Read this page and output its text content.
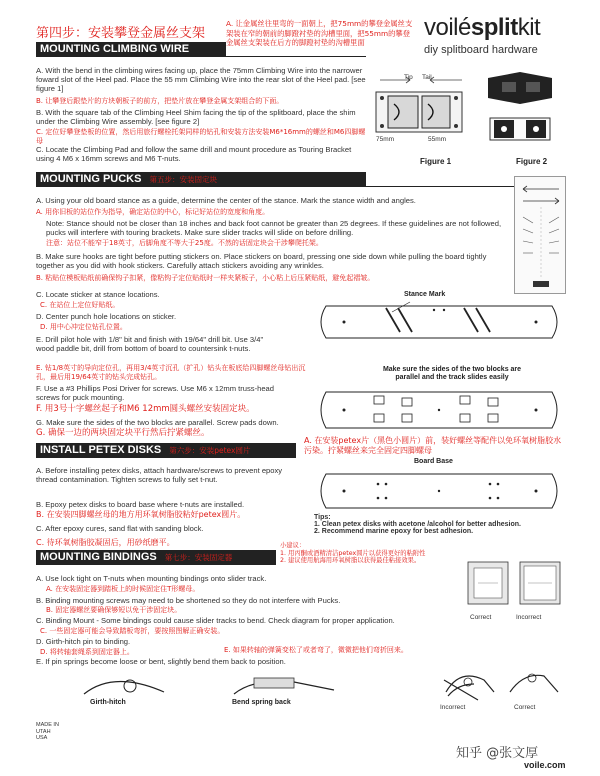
第四步：安装攀登金属丝支架
A. 让金属丝往里弯的一面朝上，把75mm的攀登金属丝支架装在窄的朝前的脚蹬衬垫的沟槽里面，把55mm的攀登金属丝支架装在后方的脚蹬衬垫的沟槽里面
voilésplitkit
diy splitboard hardware
MOUNTING CLIMBING WIRE
A. With the bend in the climbing wires facing up, place the 75mm Climbing Wire into the narrower foward slot of the Heel pad. Place the 55 mm Climbing Wire into the rear slot of the Heel pad. [see figure 1]
B. 让攀登后跟垫片的方块朝板子的前方，把垫片放在攀登金属支架组合的下面。
B. With the square tab of the Climbing Heel Shim facing the tip of the splitboard, place the shim under the Climbing Wire assembly. [see figure 2]
C. 定位好攀登垫板的位置，然后用旅行螺栓托架同样的钻孔和安装方法安装M6*16mm的螺丝和M6四脚螺母
C. Locate the Climbing Pad and follow the same drill and mount procedure as Touring Bracket using 4 M6 x 16mm screws and M6 T-nuts.
Tip Tail
75mm	55mm
Figure 1	Figure 2
MOUNTING PUCKS 第五步：安装固定块
A. Using your old board stance as a guide, determine the center of the stance. Mark the stance width and angles.
A. 用你旧板的站位作为指导，确定站位的中心，标记好站位的宽度和角度。
Note: Stance should not be closer than 18 inches and back foot cannot be greater than 25 degrees. If these guidelines are not followed, pucks will interfere with touring brackets. Make sure slider tracks will slide on before drilling.
注意：站位不能窄于18英寸，后脚角度不等大于25度。不然的话固定块会干涉攀爬托架。
B. Make sure hooks are tight before putting stickers on. Place stickers on board, pressing one side down while pulling the board tightly together as you did with hook stickers. Carefully attach stickers avoiding any wrinkles.
B. 粘贴位模板贴纸前确保钩子扣紧，像粘钩子定位贴纸时一样夹紧板子，小心粘上后压紧贴纸，避免起褶皱。
C. Locate sticker at stance locations.
C. 在站位上定位好贴纸。
D. Center punch hole locations on sticker.
D. 用中心冲定位钻孔位置。
E. Drill pilot hole with 1/8" bit and finish with 19/64" drill bit. Use 3/4" wood paddle bit, drill from bottom of board to countersink t-nuts.
E. 钻1/8英寸的导向定位孔，再用3/4英寸沉孔（扩孔）钻头在板底给四脚螺丝母钻出沉孔，最后用19/64英寸的钻头完成钻孔。
F. Use a #3 Phillips Posi Driver for screws. Use M6 x 12mm truss-head screws for puck mounting.
F. 用3号十字螺丝起子和M6 12mm圆头螺丝安装固定块。
G. Make sure the sides of the two blocks are parallel. Screw pads down.
G. 确保一边的两块固定块平行然后拧紧螺丝。
Stance Mark
Make sure the sides of the two blocks are parallel and the track slides easily
INSTALL PETEX DISKS 第六步：安装petex圆片
A. 在安装petex片（黑色小圆片）前，装好螺丝等配件以免环氧树脂胶水污染。拧紧螺丝来完全固定四脚螺母
A. Before installing petex disks, attach hardware/screws to prevent epoxy thread contamination. Tighten screws to fully set t-nut.
B. Epoxy petex disks to board base where t-nuts are installed.
B. 在安装四脚螺丝母的地方用环氧树脂胶粘好petex圆片。
C. After epoxy cures, sand flat with sanding block.
C. 待环氧树脂胶凝固后，用砂纸磨平。
Board Base
Tips:
1. Clean petex disks with acetone /alcohol for better adhesion.
2. Recommend marine epoxy for best adhesion.
小建议：
1. 用丙酮或酒精清洁petex圆片以获得更好的粘附性
2. 建议使用航海用环氧树脂以获得最佳粘接效果。
MOUNTING BINDINGS 第七步：安装固定器
A. Use lock tight on T-nuts when mounting bindings onto slider track.
A. 在安装固定器到踏板上的时候固定住T形螺母。
B. Binding mounting screws may need to be shortened so they do not interfere with Pucks.
B. 固定器螺丝要确保够短以免干涉固定块。
C. Binding Mount - Some bindings could cause slider tracks to bend. Check diagram for proper application.
C. 一些固定器可能会导致踏板弯折，要按照图解正确安装。
D. Girth-hitch pin to binding.
D. 将转轴套绳系到固定器上。	E. 如果转轴的弹簧变松了或者弯了，微微把他们弯折回来。
E. If pin springs become loose or bent, slightly bend them back to position.
Correct	Incorrect
Girth-hitch	Bend spring back
Incorrect	Correct
MADE IN
UTAH
USA
知乎 @张文厚
voile.com
